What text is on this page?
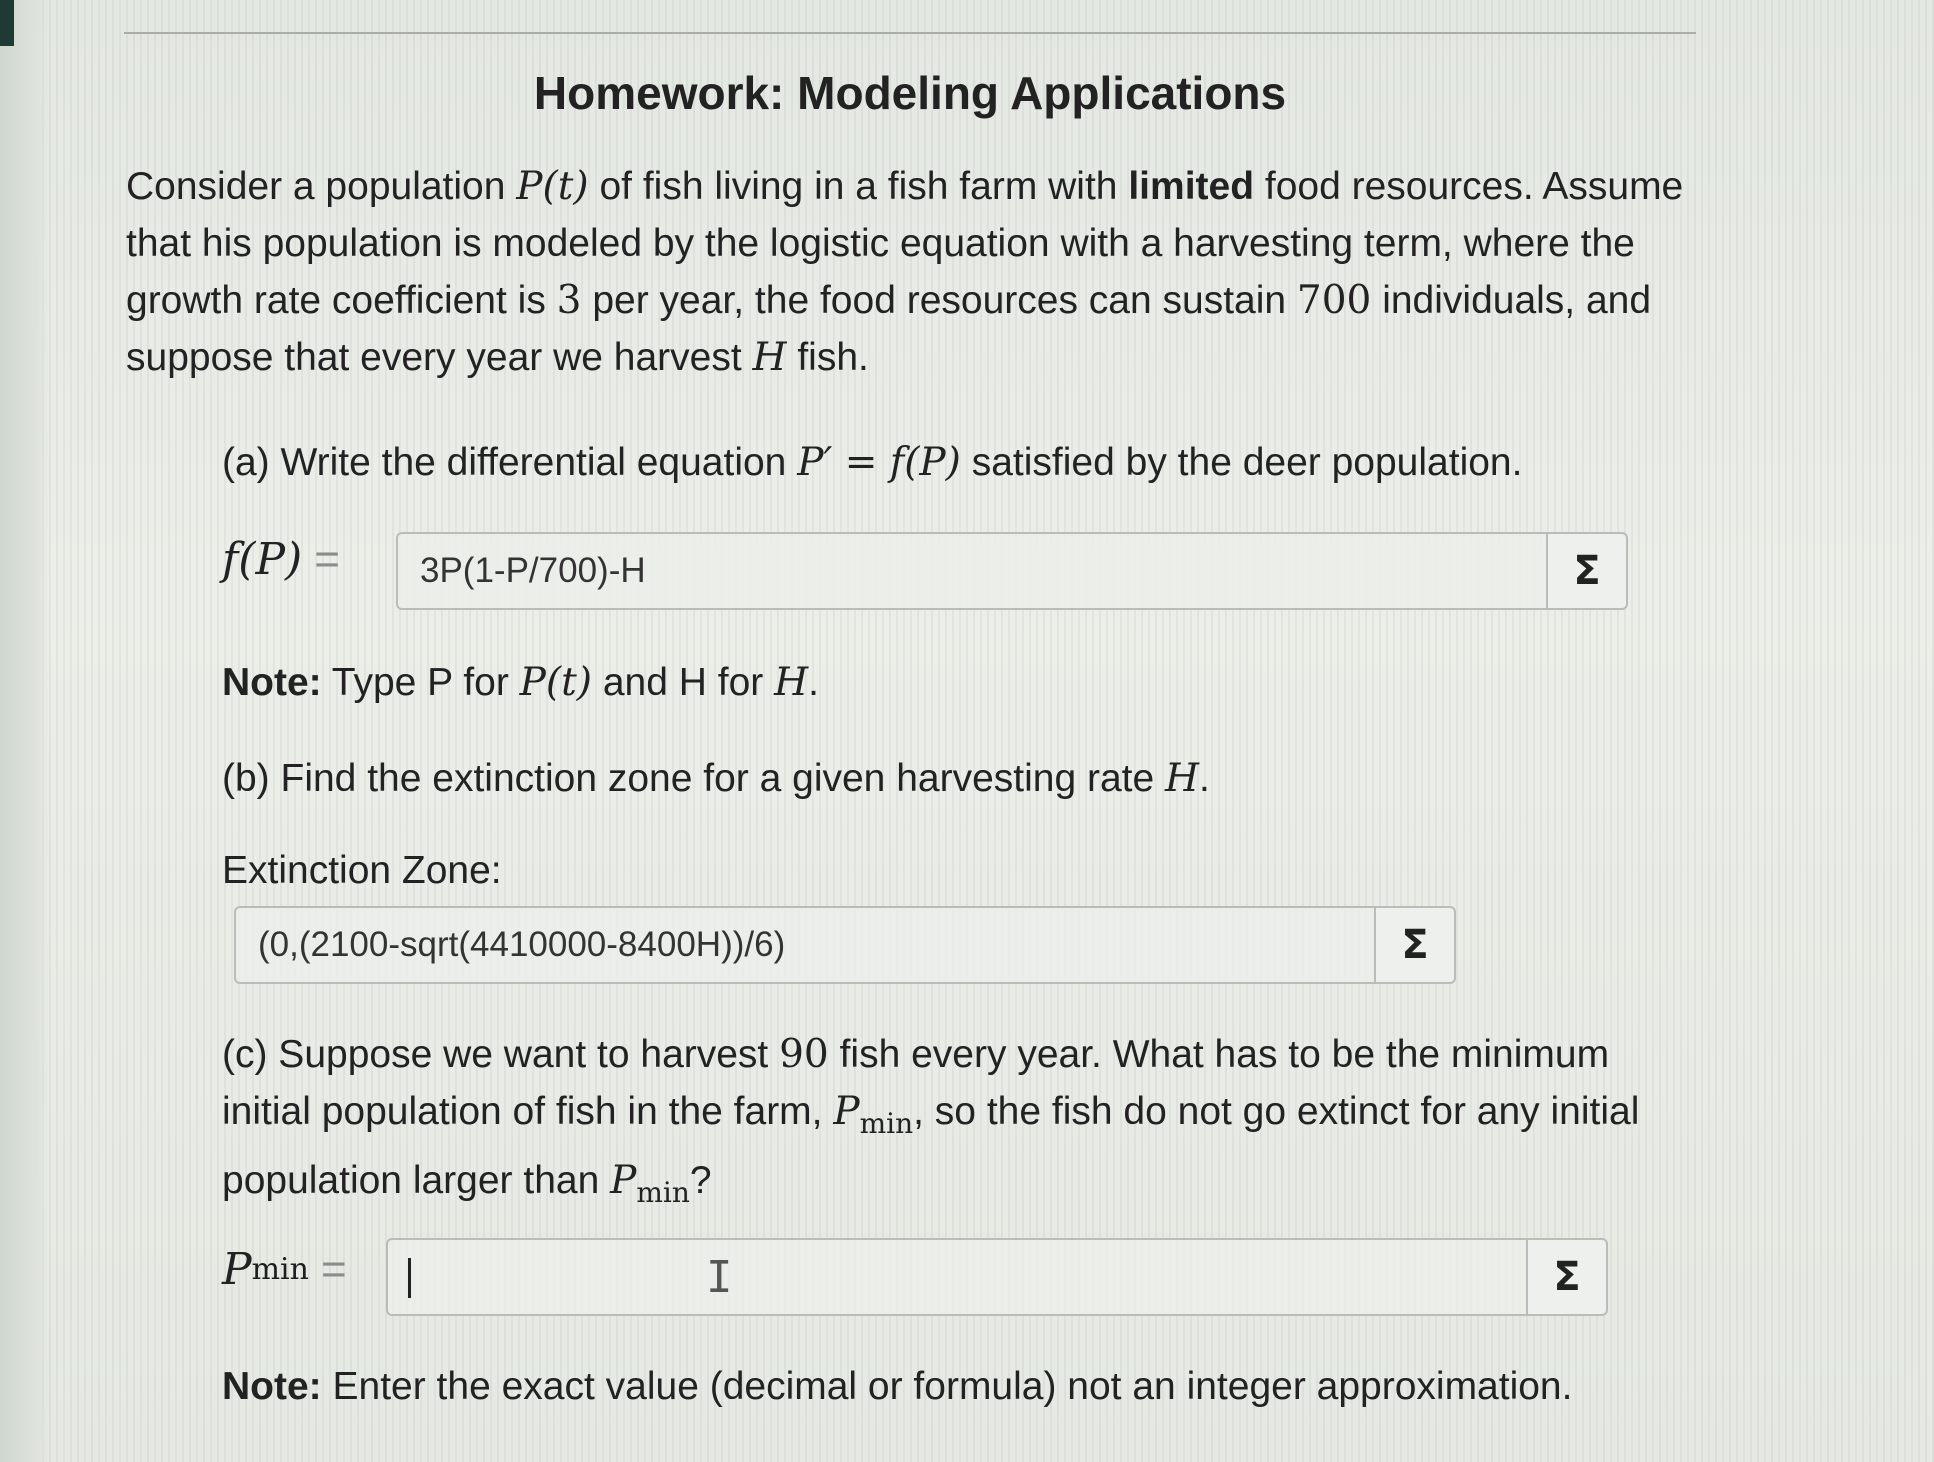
Homework: Modeling Applications
Consider a population P(t) of fish living in a fish farm with limited food resources. Assume that his population is modeled by the logistic equation with a harvesting term, where the growth rate coefficient is 3 per year, the food resources can sustain 700 individuals, and suppose that every year we harvest H fish.
(a) Write the differential equation P′ = f(P) satisfied by the deer population.
f(P) = 3P(1-P/700)-H	Σ
Note: Type P for P(t) and H for H.
(b) Find the extinction zone for a given harvesting rate H.
Extinction Zone:
(0,(2100-sqrt(4410000-8400H))/6)	Σ
(c) Suppose we want to harvest 90 fish every year. What has to be the minimum initial population of fish in the farm, $P_{min}$, so the fish do not go extinct for any initial population larger than $P_{min}$?
P min =	I	Σ
Note: Enter the exact value (decimal or formula) not an integer approximation.
